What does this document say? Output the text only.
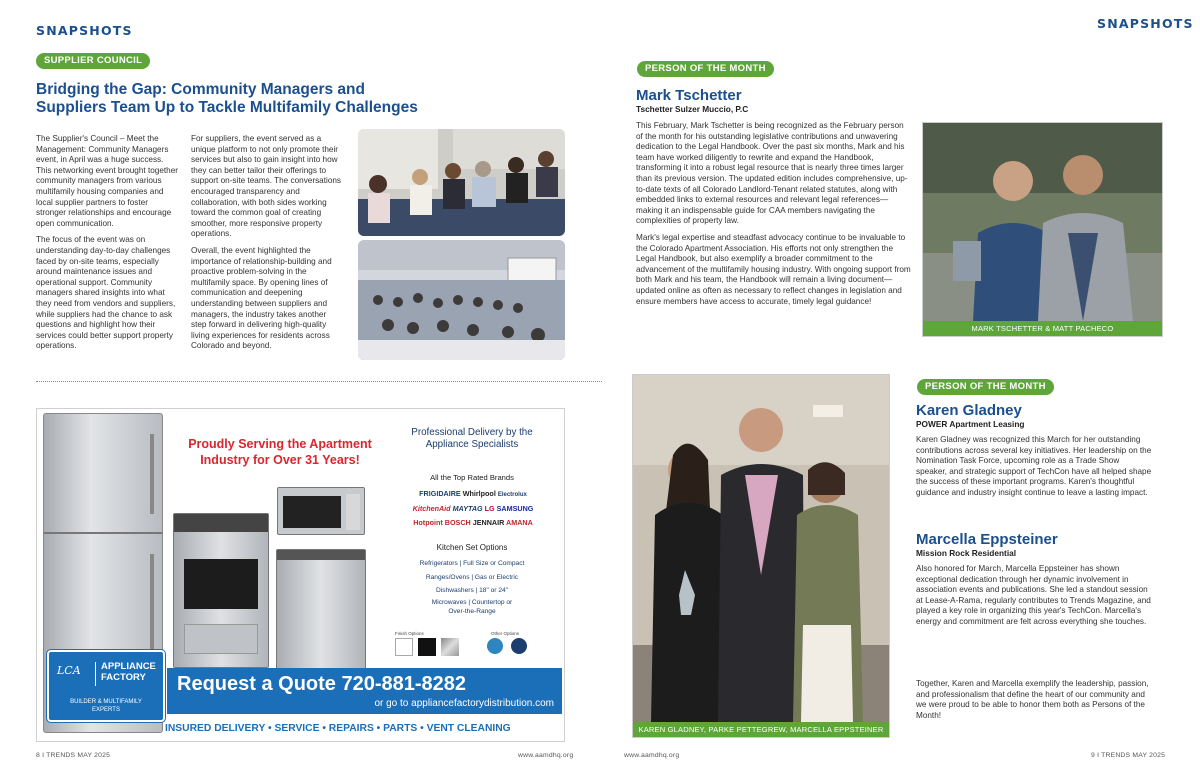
SNAPSHOTS
SUPPLIER COUNCIL
Bridging the Gap: Community Managers and
Suppliers Team Up to Tackle Multifamily Challenges

The Supplier's Council – Meet the Management: Community Managers event, in April was a huge success. This networking event brought together community managers from various multifamily housing companies and local supplier partners to foster stronger relationships and encourage open communication.

The focus of the event was on understanding day-to-day challenges faced by on-site teams, especially around maintenance issues and operational support. Community managers shared insights into what they need from vendors and suppliers, while suppliers had the chance to ask questions and highlight how their services could better support property operations.

For suppliers, the event served as a unique platform to not only promote their services but also to gain insight into how they can better tailor their offerings to support on-site teams. The conversations encouraged transparency and collaboration, with both sides working toward the common goal of creating smoother, more responsive property operations.

Overall, the event highlighted the importance of relationship-building and proactive problem-solving in the multifamily space. By opening lines of communication and deepening understanding between suppliers and managers, the industry takes another step forward in delivering high-quality living experiences for residents across Colorado and beyond.

Proudly Serving the Apartment
Industry for Over 31 Years!
Professional Delivery by the
Appliance Specialists
All the Top Rated Brands
FRIGIDAIRE Whirlpool Electrolux
KitchenAid MAYTAG LG SAMSUNG
Hotpoint BOSCH JENNAIR AMANA
Kitchen Set Options
Refrigerators | Full Size or Compact
Ranges/Ovens | Gas or Electric
Dishwashers | 18" or 24"
Microwaves | Countertop or
Over-the-Range
Finish Options	Other Options
LCA APPLIANCE
FACTORY
BUILDER & MULTIFAMILY
EXPERTS
Request a Quote 720-881-8282
or go to appliancefactorydistribution.com
INSURED DELIVERY • SERVICE • REPAIRS • PARTS • VENT CLEANING
8 I TRENDS MAY 2025	www.aamdhq.org
SNAPSHOTS
PERSON OF THE MONTH
Mark Tschetter
Tschetter Sulzer Muccio, P.C

This February, Mark Tschetter is being recognized as the February person of the month for his outstanding legislative contributions and unwavering dedication to the Legal Handbook. Over the past six months, Mark and his team have worked diligently to rewrite and expand the Handbook, transforming it into a robust legal resource that is nearly three times larger than its previous version. The updated edition includes comprehensive, up-to-date texts of all Colorado Landlord-Tenant related statutes, along with embedded links to external resources and relevant legal references—making it an indispensable guide for CAA members navigating the complexities of property law.

Mark's legal expertise and steadfast advocacy continue to be invaluable to the Colorado Apartment Association. His efforts not only strengthen the Legal Handbook, but also exemplify a broader commitment to the advancement of the multifamily housing industry. With ongoing support from both Mark and his team, the Handbook will remain a living document—updated online as often as necessary to reflect changes in legislation and ensure members have access to accurate, timely legal guidance!

MARK TSCHETTER & MATT PACHECO
KAREN GLADNEY, PARKE PETTEGREW, MARCELLA EPPSTEINER
PERSON OF THE MONTH
Karen Gladney
POWER Apartment Leasing
Karen Gladney was recognized this March for her outstanding contributions across several key initiatives. Her leadership on the Nomination Task Force, upcoming role as a Trade Show speaker, and strategic support of TechCon have all helped shape the success of these important programs. Karen's thoughtful guidance and industry insight continue to leave a lasting impact.
Marcella Eppsteiner
Mission Rock Residential
Also honored for March, Marcella Eppsteiner has shown exceptional dedication through her dynamic involvement in association events and publications. She led a standout session at Lease-A-Rama, regularly contributes to Trends Magazine, and played a key role in organizing this year's TechCon. Marcella's energy and commitment are felt across everything she touches.
Together, Karen and Marcella exemplify the leadership, passion, and professionalism that define the heart of our community and we were proud to be able to honor them both as Persons of the Month!
www.aamdhq.org	9 I TRENDS MAY 2025
